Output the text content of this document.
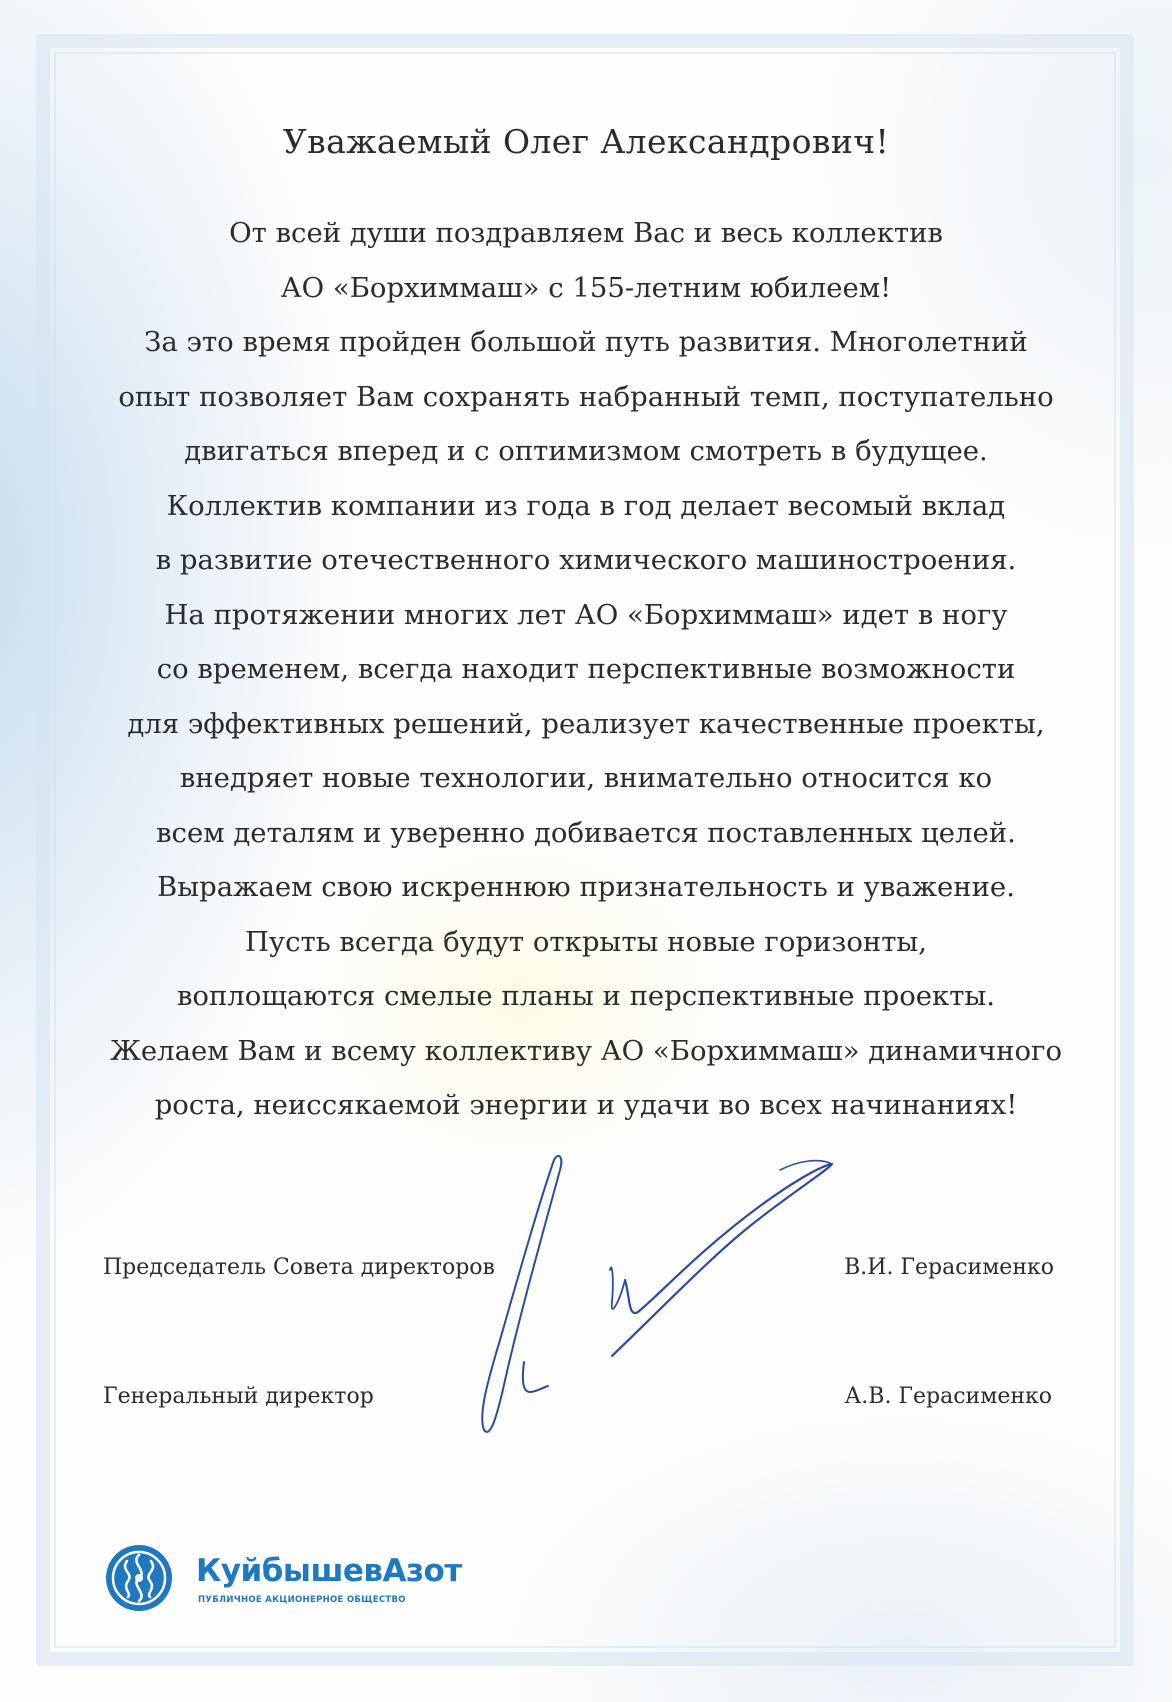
Уважаемый Олег Александрович!
От всей души поздравляем Вас и весь коллектив
АО «Борхиммаш» с 155-летним юбилеем!
За это время пройден большой путь развития. Многолетний
опыт позволяет Вам сохранять набранный темп, поступательно
двигаться вперед и с оптимизмом смотреть в будущее.
Коллектив компании из года в год делает весомый вклад
в развитие отечественного химического машиностроения.
На протяжении многих лет АО «Борхиммаш» идет в ногу
со временем, всегда находит перспективные возможности
для эффективных решений, реализует качественные проекты,
внедряет новые технологии, внимательно относится ко
всем деталям и уверенно добивается поставленных целей.
Выражаем свою искреннюю признательность и уважение.
Пусть всегда будут открыты новые горизонты,
воплощаются смелые планы и перспективные проекты.
Желаем Вам и всему коллективу АО «Борхиммаш» динамичного
роста, неиссякаемой энергии и удачи во всех начинаниях!
Председатель Совета директоров	В.И. Герасименко
Генеральный директор	А.В. Герасименко
КуйбышевАзот
ПУБЛИЧНОЕ АКЦИОНЕРНОЕ ОБЩЕСТВО
